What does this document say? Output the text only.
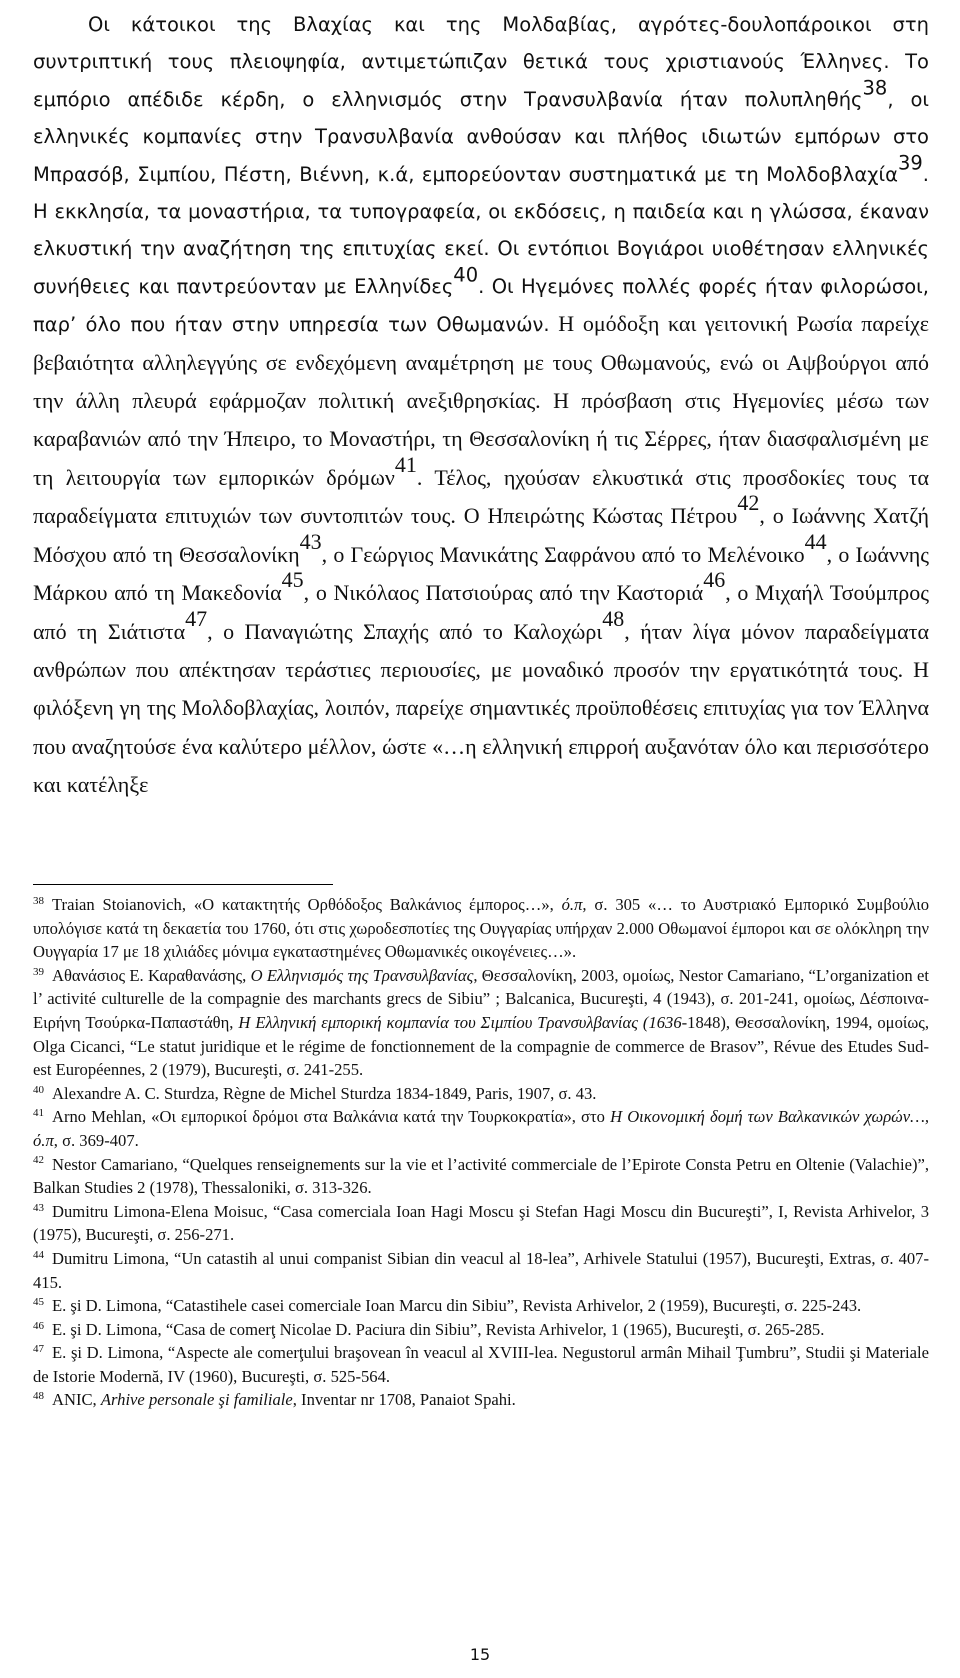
Οι κάτοικοι της Βλαχίας και της Μολδαβίας, αγρότες-δουλοπάροικοι στη συντριπτική τους πλειοψηφία, αντιμετώπιζαν θετικά τους χριστιανούς Έλληνες. Το εμπόριο απέδιδε κέρδη, ο ελληνισμός στην Τρανσυλβανία ήταν πολυπληθής$^{38}$, οι ελληνικές κομπανίες στην Τρανσυλβανία ανθούσαν και πλήθος ιδιωτών εμπόρων στο Μπρασόβ, Σιμπίου, Πέστη, Βιέννη, κ.ά, εμπορεύονταν συστηματικά με τη Μολδοβλαχία$^{39}$. Η εκκλησία, τα μοναστήρια, τα τυπογραφεία, οι εκδόσεις, η παιδεία και η γλώσσα, έκαναν ελκυστική την αναζήτηση της επιτυχίας εκεί. Οι εντόπιοι Βογιάροι υιοθέτησαν ελληνικές συνήθειες και παντρεύονταν με Ελληνίδες$^{40}$. Οι Ηγεμόνες πολλές φορές ήταν φιλορώσοι, παρ’ όλο που ήταν στην υπηρεσία των Οθωμανών. Η ομόδοξη και γειτονική Ρωσία παρείχε βεβαιότητα αλληλεγγύης σε ενδεχόμενη αναμέτρηση με τους Οθωμανούς, ενώ οι Αψβούργοι από την άλλη πλευρά εφάρμοζαν πολιτική ανεξιθρησκίας. Η πρόσβαση στις Ηγεμονίες μέσω των καραβανιών από την Ήπειρο, το Μοναστήρι, τη Θεσσαλονίκη ή τις Σέρρες, ήταν διασφαλισμένη με τη λειτουργία των εμπορικών δρόμων$^{41}$. Τέλος, ηχούσαν ελκυστικά στις προσδοκίες τους τα παραδείγματα επιτυχιών των συντοπιτών τους. Ο Ηπειρώτης Κώστας Πέτρου$^{42}$, ο Ιωάννης Χατζή Μόσχου από τη Θεσσαλονίκη$^{43}$, ο Γεώργιος Μανικάτης Σαφράνου από το Μελένοικο$^{44}$, ο Ιωάννης Μάρκου από τη Μακεδονία$^{45}$, ο Νικόλαος Πατσιούρας από την Καστοριά$^{46}$, ο Μιχαήλ Τσούμπρος από τη Σιάτιστα$^{47}$, ο Παναγιώτης Σπαχής από το Καλοχώρι$^{48}$, ήταν λίγα μόνον παραδείγματα ανθρώπων που απέκτησαν τεράστιες περιουσίες, με μοναδικό προσόν την εργατικότητά τους. Η φιλόξενη γη της Μολδοβλαχίας, λοιπόν, παρείχε σημαντικές προϋποθέσεις επιτυχίας για τον Έλληνα που αναζητούσε ένα καλύτερο μέλλον, ώστε «…η ελληνική επιρροή αυξανόταν όλο και περισσότερο και κατέληξε

$^{38}$ Traian Stoianovich, «Ο κατακτητής Ορθόδοξος Βαλκάνιος έμπορος…», ό.π, σ. 305 «… το Αυστριακό Εμπορικό Συμβούλιο υπολόγισε κατά τη δεκαετία του 1760, ότι στις χωροδεσποτίες της Ουγγαρίας υπήρχαν 2.000 Οθωμανοί έμποροι και σε ολόκληρη την Ουγγαρία 17 με 18 χιλιάδες μόνιμα εγκαταστημένες Οθωμανικές οικογένειες…».

$^{39}$ Αθανάσιος Ε. Καραθανάσης, Ο Ελληνισμός της Τρανσυλβανίας, Θεσσαλονίκη, 2003, ομοίως, Nestor Camariano, “L’organization et l’ activité culturelle de la compagnie des marchants grecs de Sibiu” ; Balcanica, Bucureşti, 4 (1943), σ. 201-241, ομοίως, Δέσποινα-Ειρήνη Τσούρκα-Παπαστάθη, Η Ελληνική εμπορική κομπανία του Σιμπίου Τρανσυλβανίας (1636-1848), Θεσσαλονίκη, 1994, ομοίως, Olga Cicanci, “Le statut juridique et le régime de fonctionnement de la compagnie de commerce de Brasov”, Révue des Etudes Sud-est Européennes, 2 (1979), Bucureşti, σ. 241-255.

$^{40}$ Alexandre A. C. Sturdza, Règne de Michel Sturdza 1834-1849, Paris, 1907, σ. 43.

$^{41}$ Arno Mehlan, «Οι εμπορικοί δρόμοι στα Βαλκάνια κατά την Τουρκοκρατία», στο Η Οικονομική δομή των Βαλκανικών χωρών…, ό.π, σ. 369-407.

$^{42}$ Nestor Camariano, “Quelques renseignements sur la vie et l’activité commerciale de l’Epirote Consta Petru en Oltenie (Valachie)”, Balkan Studies 2 (1978), Thessaloniki, σ. 313-326.

$^{43}$ Dumitru Limona-Elena Moisuc, “Casa comerciala Ioan Hagi Moscu şi Stefan Hagi Moscu din Bucureşti”, I, Revista Arhivelor, 3 (1975), Bucureşti, σ. 256-271.

$^{44}$ Dumitru Limona, “Un catastih al unui companist Sibian din veacul al 18-lea”, Arhivele Statului (1957), Bucureşti, Extras, σ. 407- 415.

$^{45}$ E. şi D. Limona, “Catastihele casei comerciale Ioan Marcu din Sibiu”, Revista Arhivelor, 2 (1959), Bucureşti, σ. 225-243.

$^{46}$ E. şi D. Limona, “Casa de comerţ Nicolae D. Paciura din Sibiu”, Revista Arhivelor, 1 (1965), Bucureşti, σ. 265-285.

$^{47}$ E. şi D. Limona, “Aspecte ale comerţului braşovean în veacul al XVIII-lea. Negustorul armân Mihail Ţumbru”, Studii şi Materiale de Istorie Modernă, IV (1960), Bucureşti, σ. 525-564.

$^{48}$ ANIC, Arhive personale şi familiale, Inventar nr 1708, Panaiot Spahi.

15
